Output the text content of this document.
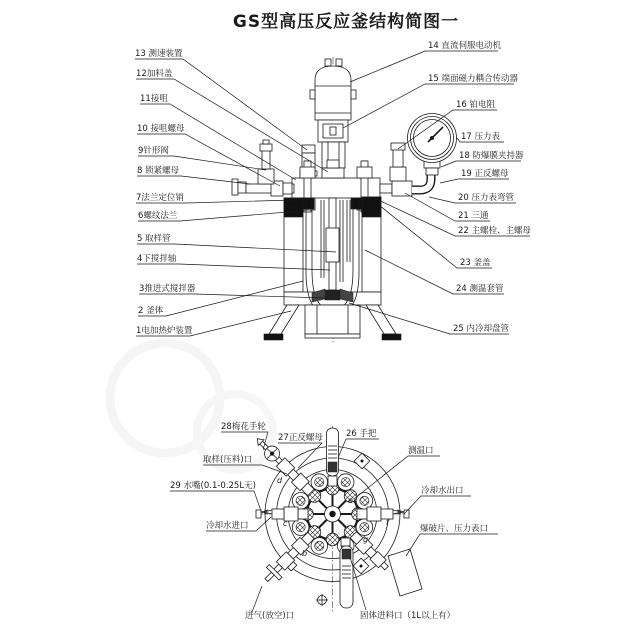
GS型高压反应釜结构简图一
13 测速装置
12加料盖
11接咀
10 接咀螺母
9针形阀
8 锁紧螺母
7法兰定位销
6螺纹法兰
5 取样管
4下搅拌轴
3推进式搅拌器
2 釜体
1电加热炉装置
14 直流伺服电动机
15 端面磁力耦合传动器
16 铂电阻
17 压力表
18 防爆膜夹持器
19 正反螺母
20 压力表弯管
21 三通
22 主螺栓、主螺母
23 釜盖
24 测温套管
25 内冷却盘管
b
c
d
e
f
g
28梅花手轮
27正反螺母	26 手把
取样(压料)口
29 水嘴(0.1-0.25L无)
冷却水进口
进气(放空)口	固体进料口（1L以上有）
测温口
冷却水出口
爆破片、压力表口
